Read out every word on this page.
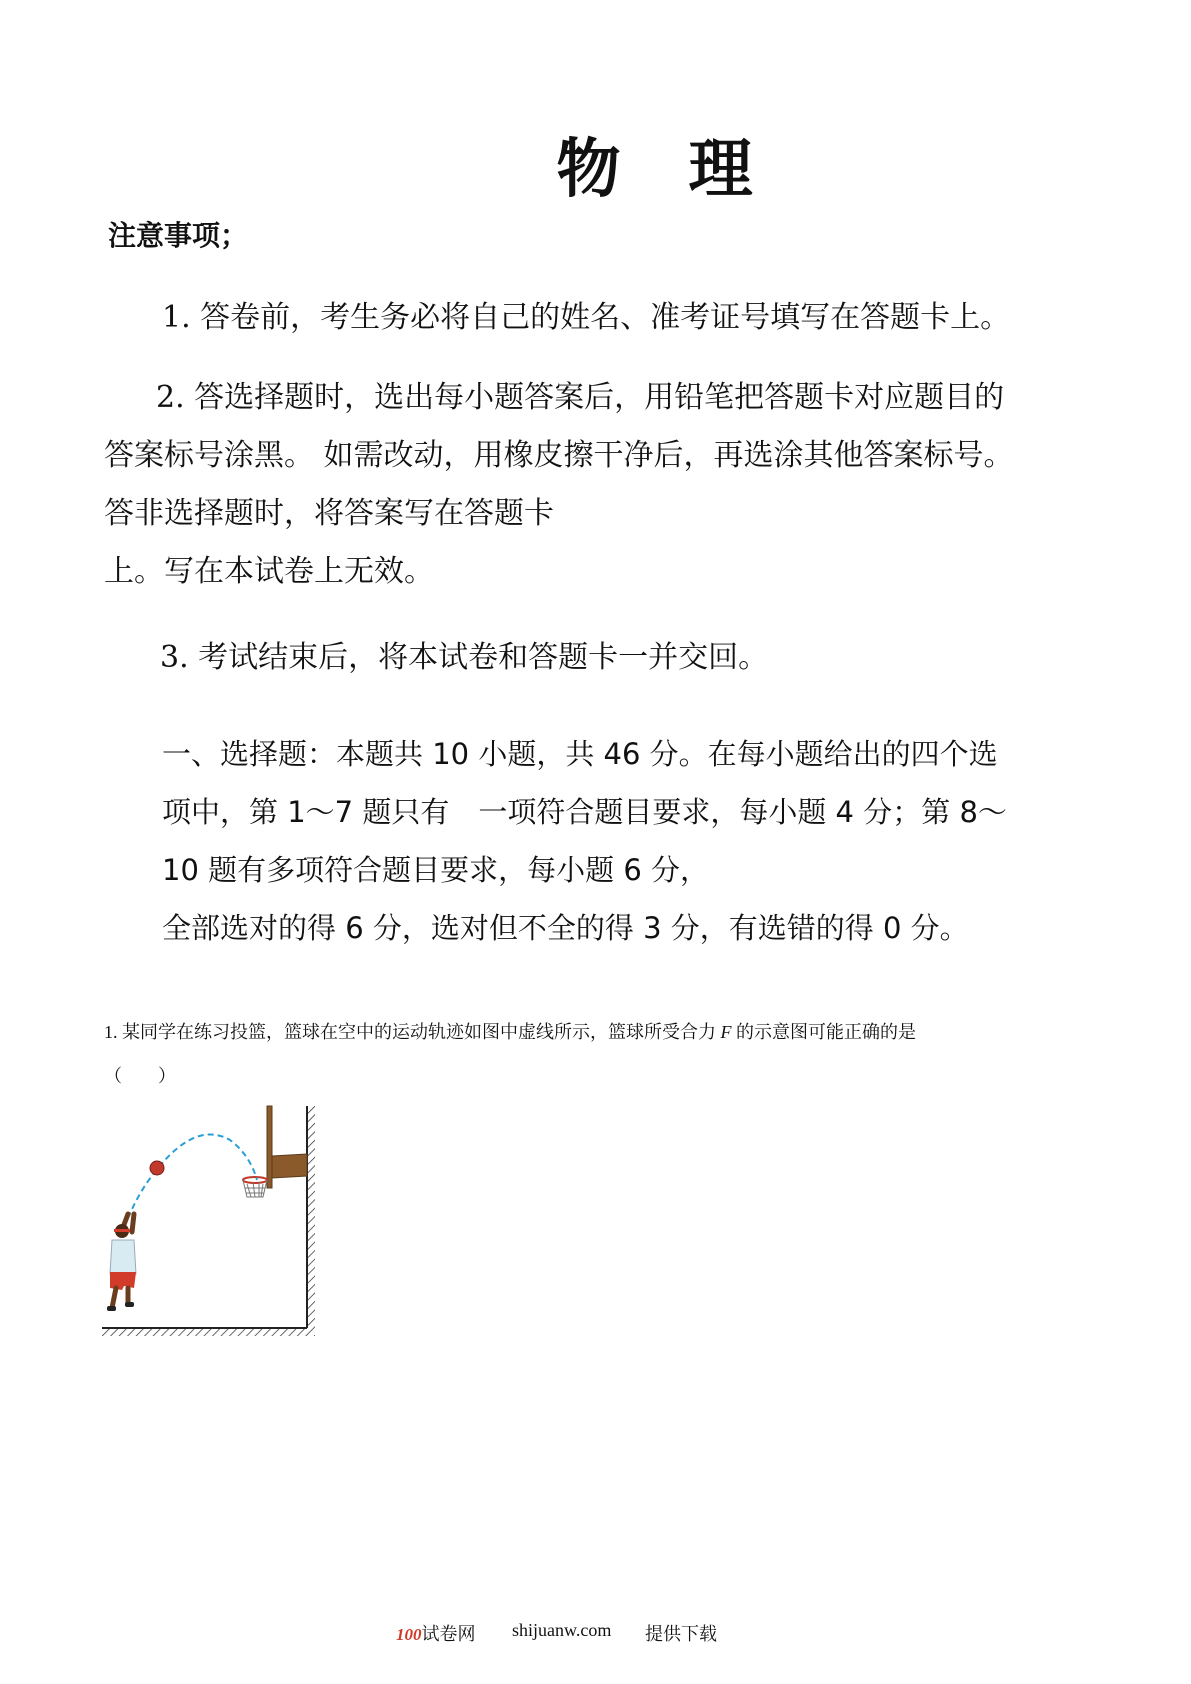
物　理
注意事项；
1. 答卷前，考生务必将自己的姓名、准考证号填写在答题卡上。
2. 答选择题时，选出每小题答案后，用铅笔把答题卡对应题目的
答案标号涂黑。 如需改动，用橡皮擦干净后，再选涂其他答案标号。
答非选择题时，将答案写在答题卡
上。写在本试卷上无效。
3. 考试结束后，将本试卷和答题卡一并交回。
一、选择题：本题共 10 小题，共 46 分。在每小题给出的四个选
项中，第 1～7 题只有　一项符合题目要求，每小题 4 分；第 8～
10 题有多项符合题目要求，每小题 6 分，
全部选对的得 6 分，选对但不全的得 3 分，有选错的得 0 分。
1. 某同学在练习投篮，篮球在空中的运动轨迹如图中虚线所示，篮球所受合力 F 的示意图可能正确的是
（　　）
100试卷网 shijuanw.com 提供下载
